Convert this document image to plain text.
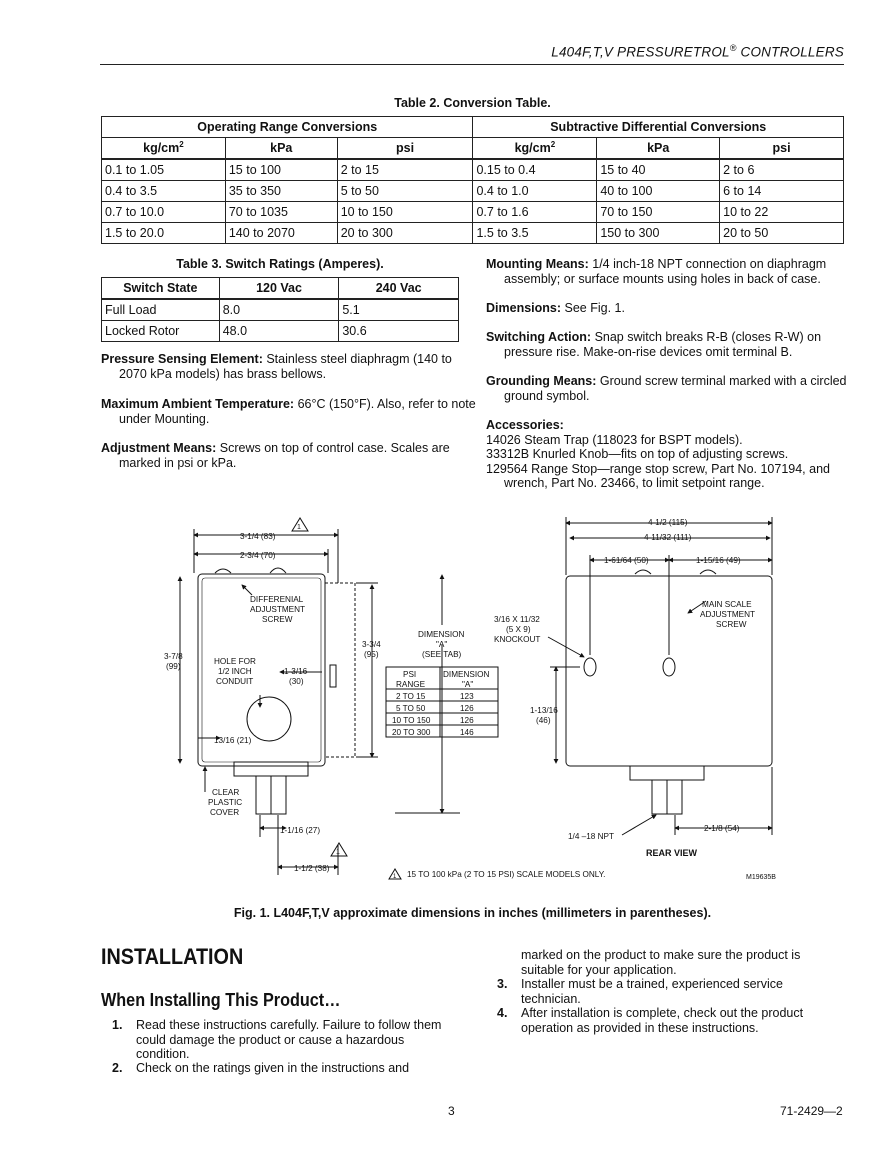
L404F,T,V PRESSURETROL® CONTROLLERS
Table 2. Conversion Table.
Operating Range Conversions			Subtractive Differential Conversions		
$kg/cm^2$	kPa	psi	$kg/cm^2$	kPa	psi
0.1 to 1.05	15 to 100	2 to 15	0.15 to 0.4	15 to 40	2 to 6
0.4 to 3.5	35 to 350	5 to 50	0.4 to 1.0	40 to 100	6 to 14
0.7 to 10.0	70 to 1035	10 to 150	0.7 to 1.6	70 to 150	10 to 22
1.5 to 20.0	140 to 2070	20 to 300	1.5 to 3.5	150 to 300	20 to 50
Table 3. Switch Ratings (Amperes).
Switch State	120 Vac	240 Vac
Full Load	8.0	5.1
Locked Rotor	48.0	30.6
Pressure Sensing Element: Stainless steel diaphragm (140 to 2070 kPa models) has brass bellows.
Maximum Ambient Temperature: 66°C (150°F). Also, refer to note under Mounting.
Adjustment Means: Screws on top of control case. Scales are marked in psi or kPa.
Mounting Means: 1/4 inch-18 NPT connection on diaphragm assembly; or surface mounts using holes in back of case.
Dimensions: See Fig. 1.
Switching Action: Snap switch breaks R-B (closes R-W) on pressure rise. Make-on-rise devices omit terminal B.
Grounding Means: Ground screw terminal marked with a circled ground symbol.
Accessories:
14026 Steam Trap (118023 for BSPT models).
33312B Knurled Knob—fits on top of adjusting screws.
129564 Range Stop—range stop screw, Part No. 107194, and wrench, Part No. 23466, to limit setpoint range.
3-1/4 (83)
2-3/4 (70)
1
3-7/8
(99)
3-3/4
(95)
DIFFERENIAL
ADJUSTMENT
SCREW
HOLE FOR
1/2 INCH
CONDUIT
1-3/16
(30)
13/16 (21)
CLEAR
PLASTIC
COVER
1-1/16 (27)
1-1/2 (38)
1
DIMENSION
"A"
(SEE TAB)
PSI
RANGE
DIMENSION
"A"
2 TO 15	123
5 TO 50	126
10 TO 150	126
20 TO 300	146
4-1/2 (115)
4-11/32 (111)
1-61/64 (50)	1-15/16 (49)
3/16 X 11/32
(5 X 9)
KNOCKOUT
MAIN SCALE
ADJUSTMENT
SCREW
1-13/16
(46)
1/4 –18 NPT
2-1/8 (54)
REAR VIEW
1 15 TO 100 kPa (2 TO 15 PSI) SCALE MODELS ONLY.	M19635B
Fig. 1. L404F,T,V approximate dimensions in inches (millimeters in parentheses).
INSTALLATION
When Installing This Product…
1. Read these instructions carefully. Failure to follow them
could damage the product or cause a hazardous
condition.
2. Check on the ratings given in the instructions and
marked on the product to make sure the product is
suitable for your application.
3. Installer must be a trained, experienced service
technician.
4. After installation is complete, check out the product
operation as provided in these instructions.
3	71-2429—2
